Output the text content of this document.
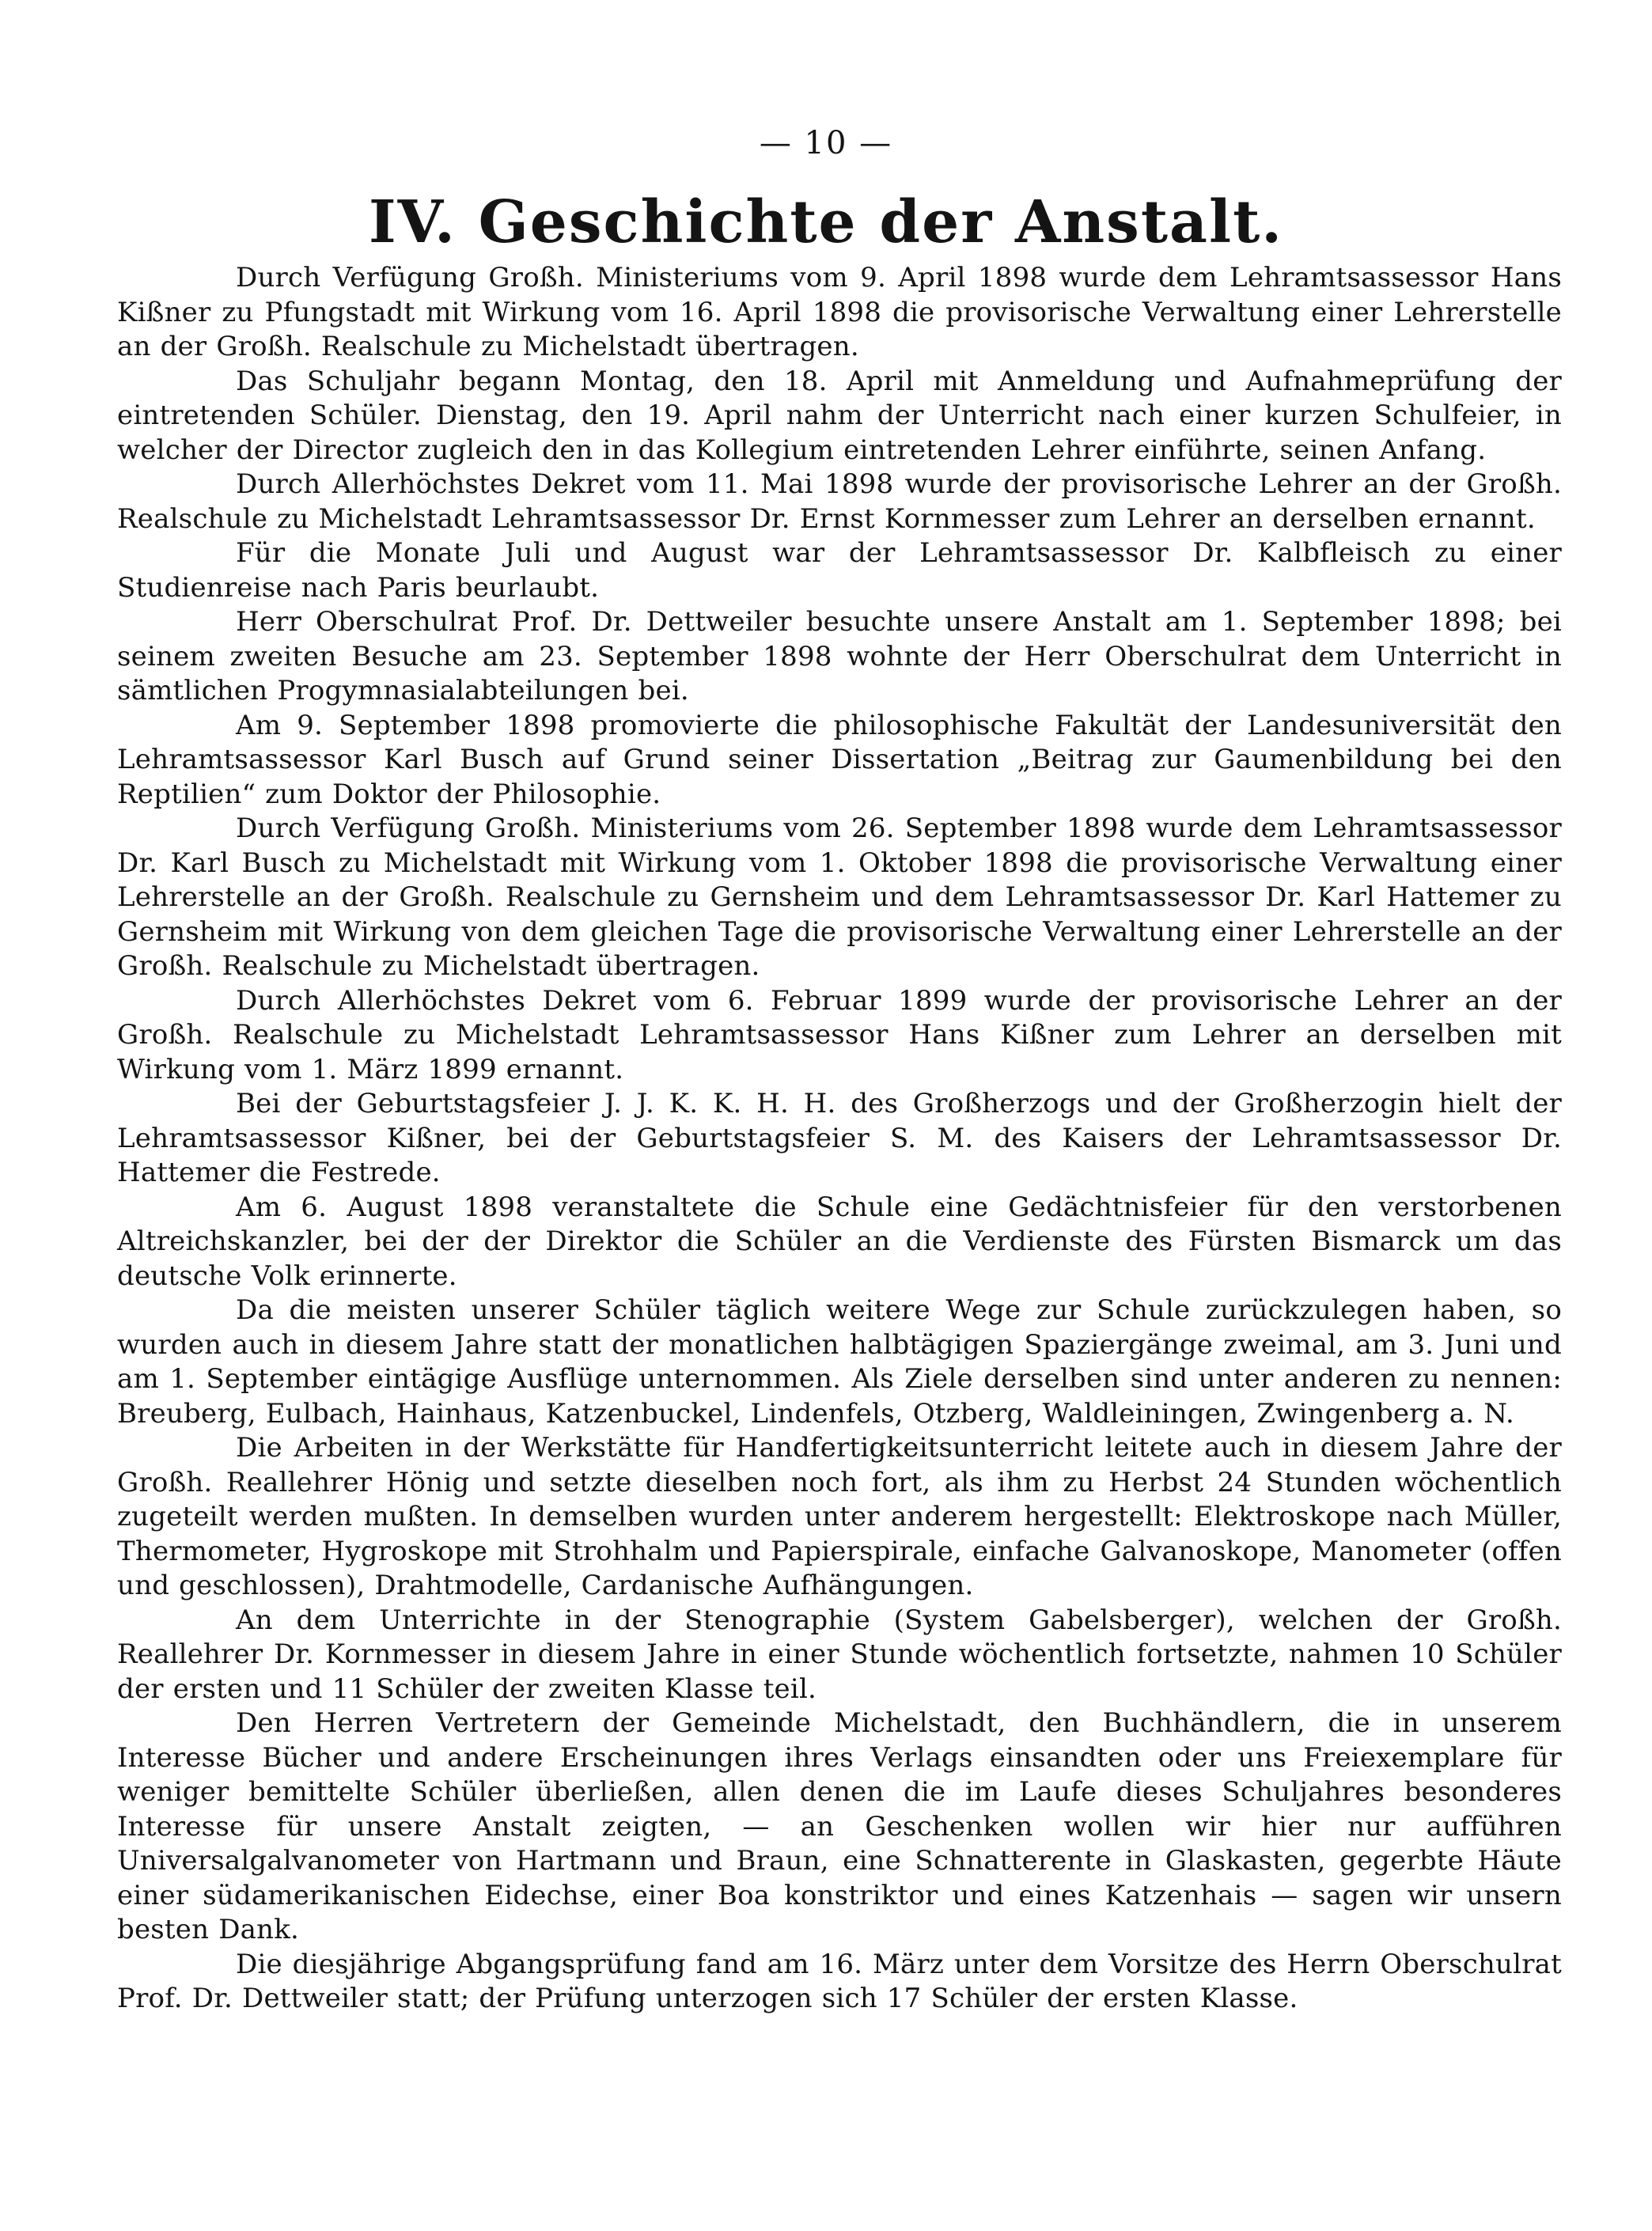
— 10 —
IV. Geschichte der Anstalt.

Durch Verfügung Großh. Ministeriums vom 9. April 1898 wurde dem Lehramtsassessor Hans Kißner zu Pfungstadt mit Wirkung vom 16. April 1898 die provisorische Verwaltung einer Lehrerstelle an der Großh. Realschule zu Michelstadt übertragen.

Das Schuljahr begann Montag, den 18. April mit Anmeldung und Aufnahmeprüfung der eintretenden Schüler. Dienstag, den 19. April nahm der Unterricht nach einer kurzen Schulfeier, in welcher der Director zugleich den in das Kollegium eintretenden Lehrer einführte, seinen Anfang.

Durch Allerhöchstes Dekret vom 11. Mai 1898 wurde der provisorische Lehrer an der Großh. Realschule zu Michelstadt Lehramtsassessor Dr. Ernst Kornmesser zum Lehrer an derselben ernannt.

Für die Monate Juli und August war der Lehramtsassessor Dr. Kalbfleisch zu einer Studienreise nach Paris beurlaubt.

Herr Oberschulrat Prof. Dr. Dettweiler besuchte unsere Anstalt am 1. September 1898; bei seinem zweiten Besuche am 23. September 1898 wohnte der Herr Oberschulrat dem Unterricht in sämtlichen Progymnasialabteilungen bei.

Am 9. September 1898 promovierte die philosophische Fakultät der Landesuniversität den Lehramtsassessor Karl Busch auf Grund seiner Dissertation „Beitrag zur Gaumenbildung bei den Reptilien“ zum Doktor der Philosophie.

Durch Verfügung Großh. Ministeriums vom 26. September 1898 wurde dem Lehramtsassessor Dr. Karl Busch zu Michelstadt mit Wirkung vom 1. Oktober 1898 die provisorische Verwaltung einer Lehrerstelle an der Großh. Realschule zu Gernsheim und dem Lehramtsassessor Dr. Karl Hattemer zu Gernsheim mit Wirkung von dem gleichen Tage die provisorische Verwaltung einer Lehrerstelle an der Großh. Realschule zu Michelstadt übertragen.

Durch Allerhöchstes Dekret vom 6. Februar 1899 wurde der provisorische Lehrer an der Großh. Realschule zu Michelstadt Lehramtsassessor Hans Kißner zum Lehrer an derselben mit Wirkung vom 1. März 1899 ernannt.

Bei der Geburtstagsfeier J. J. K. K. H. H. des Großherzogs und der Großherzogin hielt der Lehramtsassessor Kißner, bei der Geburtstagsfeier S. M. des Kaisers der Lehramtsassessor Dr. Hattemer die Festrede.

Am 6. August 1898 veranstaltete die Schule eine Gedächtnisfeier für den verstorbenen Altreichskanzler, bei der der Direktor die Schüler an die Verdienste des Fürsten Bismarck um das deutsche Volk erinnerte.

Da die meisten unserer Schüler täglich weitere Wege zur Schule zurückzulegen haben, so wurden auch in diesem Jahre statt der monatlichen halbtägigen Spaziergänge zweimal, am 3. Juni und am 1. September eintägige Ausflüge unternommen. Als Ziele derselben sind unter anderen zu nennen: Breuberg, Eulbach, Hainhaus, Katzenbuckel, Lindenfels, Otzberg, Waldleiningen, Zwingenberg a. N.

Die Arbeiten in der Werkstätte für Handfertigkeitsunterricht leitete auch in diesem Jahre der Großh. Reallehrer Hönig und setzte dieselben noch fort, als ihm zu Herbst 24 Stunden wöchentlich zugeteilt werden mußten. In demselben wurden unter anderem hergestellt: Elektroskope nach Müller, Thermometer, Hygroskope mit Strohhalm und Papierspirale, einfache Galvanoskope, Manometer (offen und geschlossen), Drahtmodelle, Cardanische Aufhängungen.

An dem Unterrichte in der Stenographie (System Gabelsberger), welchen der Großh. Reallehrer Dr. Kornmesser in diesem Jahre in einer Stunde wöchentlich fortsetzte, nahmen 10 Schüler der ersten und 11 Schüler der zweiten Klasse teil.

Den Herren Vertretern der Gemeinde Michelstadt, den Buchhändlern, die in unserem Interesse Bücher und andere Erscheinungen ihres Verlags einsandten oder uns Freiexemplare für weniger bemittelte Schüler überließen, allen denen die im Laufe dieses Schuljahres besonderes Interesse für unsere Anstalt zeigten, — an Geschenken wollen wir hier nur aufführen Universalgalvanometer von Hartmann und Braun, eine Schnatterente in Glaskasten, gegerbte Häute einer südamerikanischen Eidechse, einer Boa konstriktor und eines Katzenhais — sagen wir unsern besten Dank.

Die diesjährige Abgangsprüfung fand am 16. März unter dem Vorsitze des Herrn Oberschulrat Prof. Dr. Dettweiler statt; der Prüfung unterzogen sich 17 Schüler der ersten Klasse.
